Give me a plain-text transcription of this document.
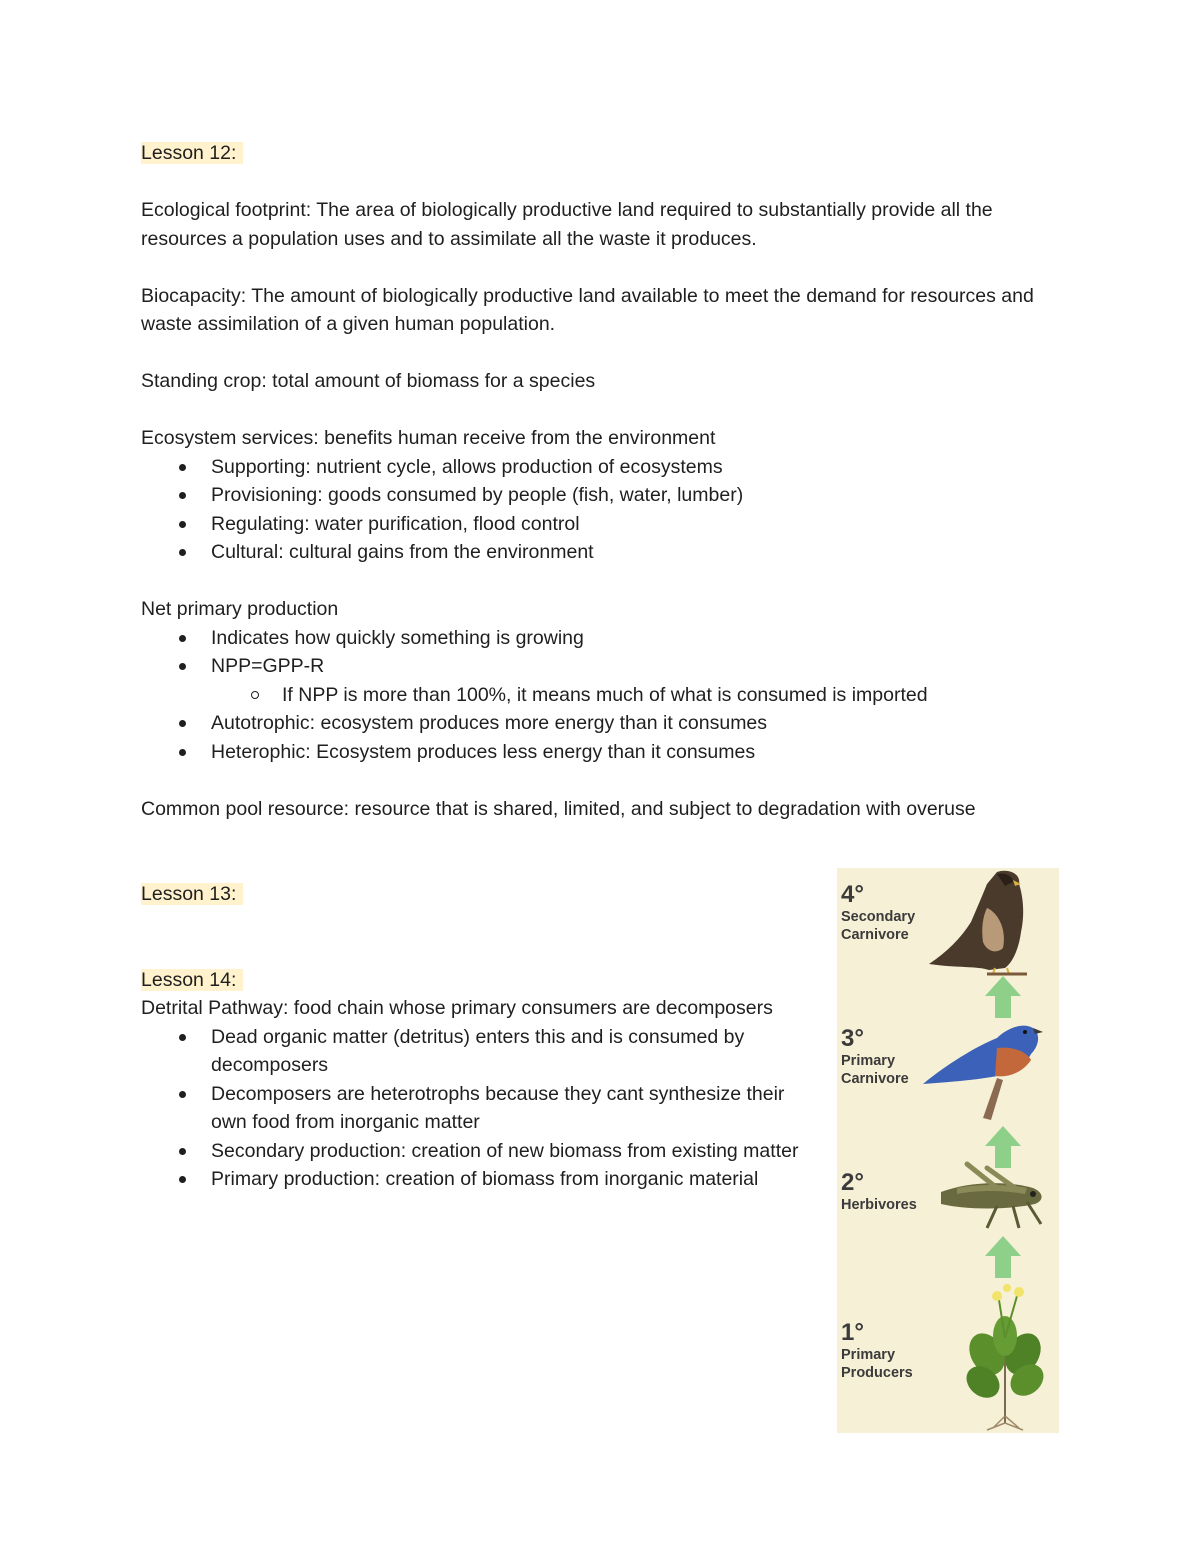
Lesson 12:

Ecological footprint: The area of biologically productive land required to substantially provide all the resources a population uses and to assimilate all the waste it produces.

Biocapacity: The amount of biologically productive land available to meet the demand for resources and waste assimilation of a given human population.

Standing crop: total amount of biomass for a species

Ecosystem services: benefits human receive from the environment

Supporting: nutrient cycle, allows production of ecosystems
Provisioning: goods consumed by people (fish, water, lumber)
Regulating: water purification, flood control
Cultural: cultural gains from the environment

Net primary production

Indicates how quickly something is growing
NPP=GPP-R
If NPP is more than 100%, it means much of what is consumed is imported
Autotrophic: ecosystem produces more energy than it consumes
Heterophic: Ecosystem produces less energy than it consumes

Common pool resource: resource that is shared, limited, and subject to degradation with overuse

Lesson 13:

Lesson 14:

Detrital Pathway: food chain whose primary consumers are decomposers

Dead organic matter (detritus) enters this and is consumed by decomposers
Decomposers are heterotrophs because they cant synthesize their own food from inorganic matter
Secondary production: creation of new biomass from existing matter
Primary production: creation of biomass from inorganic material
4°
Secondary
Carnivore
3°
Primary
Carnivore
2°
Herbivores
1°
Primary
Producers
